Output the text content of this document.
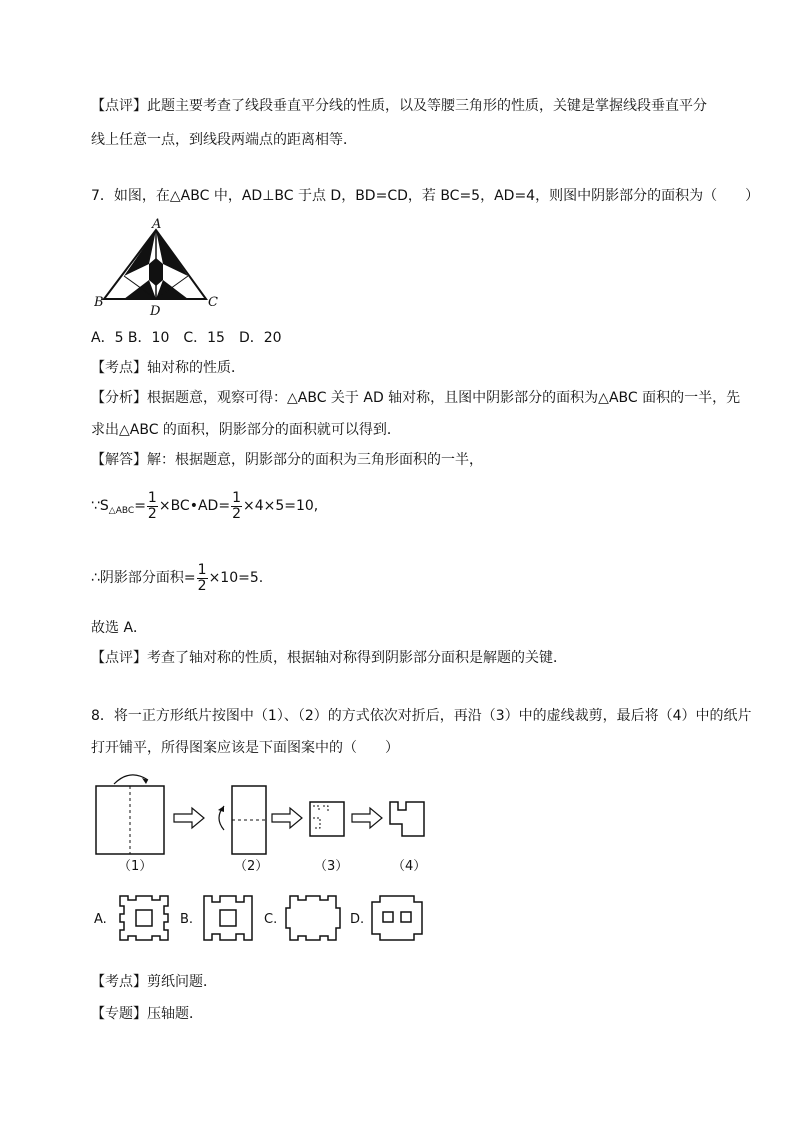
【点评】此题主要考查了线段垂直平分线的性质，以及等腰三角形的性质，关键是掌握线段垂直平分
线上任意一点，到线段两端点的距离相等．
7．如图，在△ABC 中，AD⊥BC 于点 D，BD=CD，若 BC=5，AD=4，则图中阴影部分的面积为（　　）
A
B	C
D
A．5 B．10　C．15　D．20
【考点】轴对称的性质．
【分析】根据题意，观察可得：△ABC 关于 AD 轴对称，且图中阴影部分的面积为△ABC 面积的一半，先
求出△ABC 的面积，阴影部分的面积就可以得到．
【解答】解：根据题意，阴影部分的面积为三角形面积的一半，
$\because S_{\triangle ABC}= \frac{1}{2}$ ×BC•AD= $\frac{1}{2} \times 4\times 5=10$,
∴阴影部分面积= $\frac{1}{2} \times 10=5$.
故选 A．
【点评】考查了轴对称的性质，根据轴对称得到阴影部分面积是解题的关键．
8．将一正方形纸片按图中（1）、（2）的方式依次对折后，再沿（3）中的虚线裁剪，最后将（4）中的纸片
打开铺平，所得图案应该是下面图案中的（　　）
（1）	（2）	（3）	（4）
A.	B.	C.	D.
【考点】剪纸问题．
【专题】压轴题．
